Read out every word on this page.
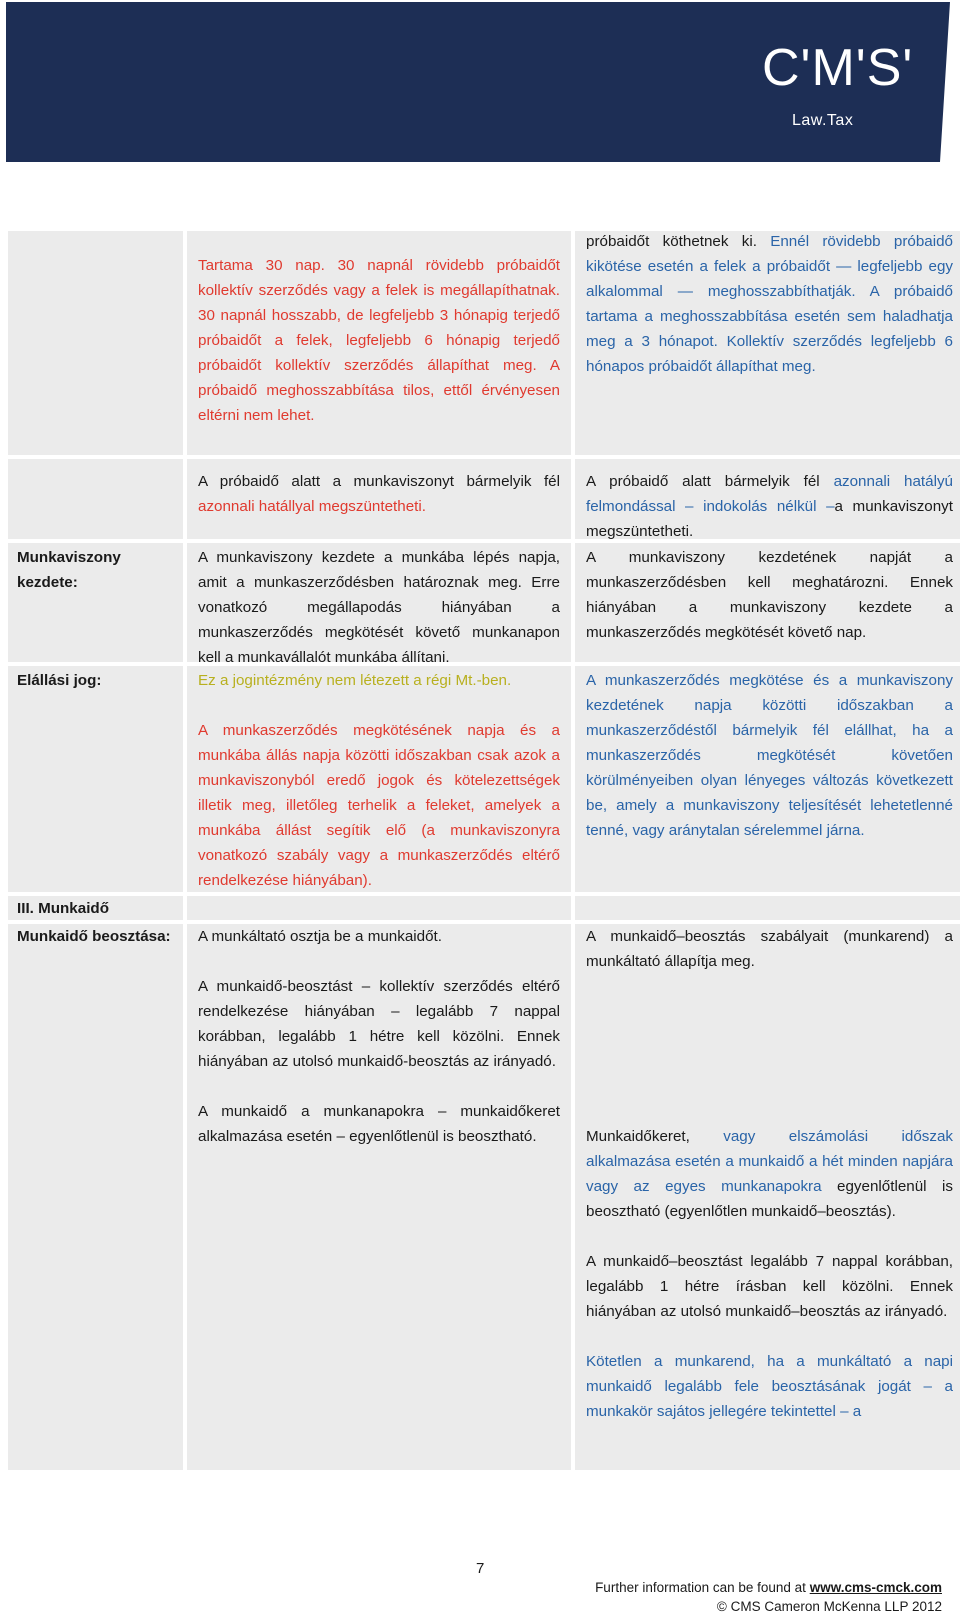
C'M'S'
Law.Tax
Tartama 30 nap. 30 napnál rövidebb próbaidőt kollektív szerződés vagy a felek is megállapíthatnak. 30 napnál hosszabb, de legfeljebb 3 hónapig terjedő próbaidőt a felek, legfeljebb 6 hónapig terjedő próbaidőt kollektív szerződés állapíthat meg. A próbaidő meghosszabbítása tilos, ettől érvényesen eltérni nem lehet.
próbaidőt köthetnek ki. Ennél rövidebb próbaidő kikötése esetén a felek a próbaidőt — legfeljebb egy alkalommal — meghosszabbíthatják. A próbaidő tartama a meghosszabbítása esetén sem haladhatja meg a 3 hónapot. Kollektív szerződés legfeljebb 6 hónapos próbaidőt állapíthat meg.
A próbaidő alatt a munkaviszonyt bármelyik fél azonnali hatállyal megszüntetheti.
A próbaidő alatt bármelyik fél azonnali hatályú felmondással – indokolás nélkül –a munkaviszonyt megszüntetheti.
Munkaviszony kezdete:
A munkaviszony kezdete a munkába lépés napja, amit a munkaszerződésben határoznak meg. Erre vonatkozó megállapodás hiányában a munkaszerződés megkötését követő munkanapon kell a munkavállalót munkába állítani.
A munkaviszony kezdetének napját a munkaszerződésben kell meghatározni. Ennek hiányában a munkaviszony kezdete a munkaszerződés megkötését követő nap.
Elállási jog:	Ez a jogintézmény nem létezett a régi Mt.-ben.

A munkaszerződés megkötésének napja és a munkába állás napja közötti időszakban csak azok a munkaviszonyból eredő jogok és kötelezettségek illetik meg, illetőleg terhelik a feleket, amelyek a munkába állást segítik elő (a munkaviszonyra vonatkozó szabály vagy a munkaszerződés eltérő rendelkezése hiányában).

A munkaszerződés megkötése és a munkaviszony kezdetének napja közötti időszakban a munkaszerződéstől bármelyik fél elállhat, ha a munkaszerződés megkötését követően körülményeiben olyan lényeges változás következett be, amely a munkaviszony teljesítését lehetetlenné tenné, vagy aránytalan sérelemmel járna.
III. Munkaidő
Munkaidő beosztása: A munkáltató osztja be a munkaidőt.

A munkaidő-beosztást – kollektív szerződés eltérő rendelkezése hiányában – legalább 7 nappal korábban, legalább 1 hétre kell közölni. Ennek hiányában az utolsó munkaidő-beosztás az irányadó.

A munkaidő a munkanapokra – munkaidőkeret alkalmazása esetén – egyenlőtlenül is beosztható.

A munkaidő–beosztás szabályait (munkarend) a munkáltató állapítja meg.

Munkaidőkeret, vagy elszámolási időszak alkalmazása esetén a munkaidő a hét minden napjára vagy az egyes munkanapokra egyenlőtlenül is beosztható (egyenlőtlen munkaidő–beosztás).

A munkaidő–beosztást legalább 7 nappal korábban, legalább 1 hétre írásban kell közölni. Ennek hiányában az utolsó munkaidő–beosztás az irányadó.

Kötetlen a munkarend, ha a munkáltató a napi munkaidő legalább fele beosztásának jogát – a munkakör sajátos jellegére tekintettel – a

7
Further information can be found at www.cms-cmck.com
© CMS Cameron McKenna LLP 2012
